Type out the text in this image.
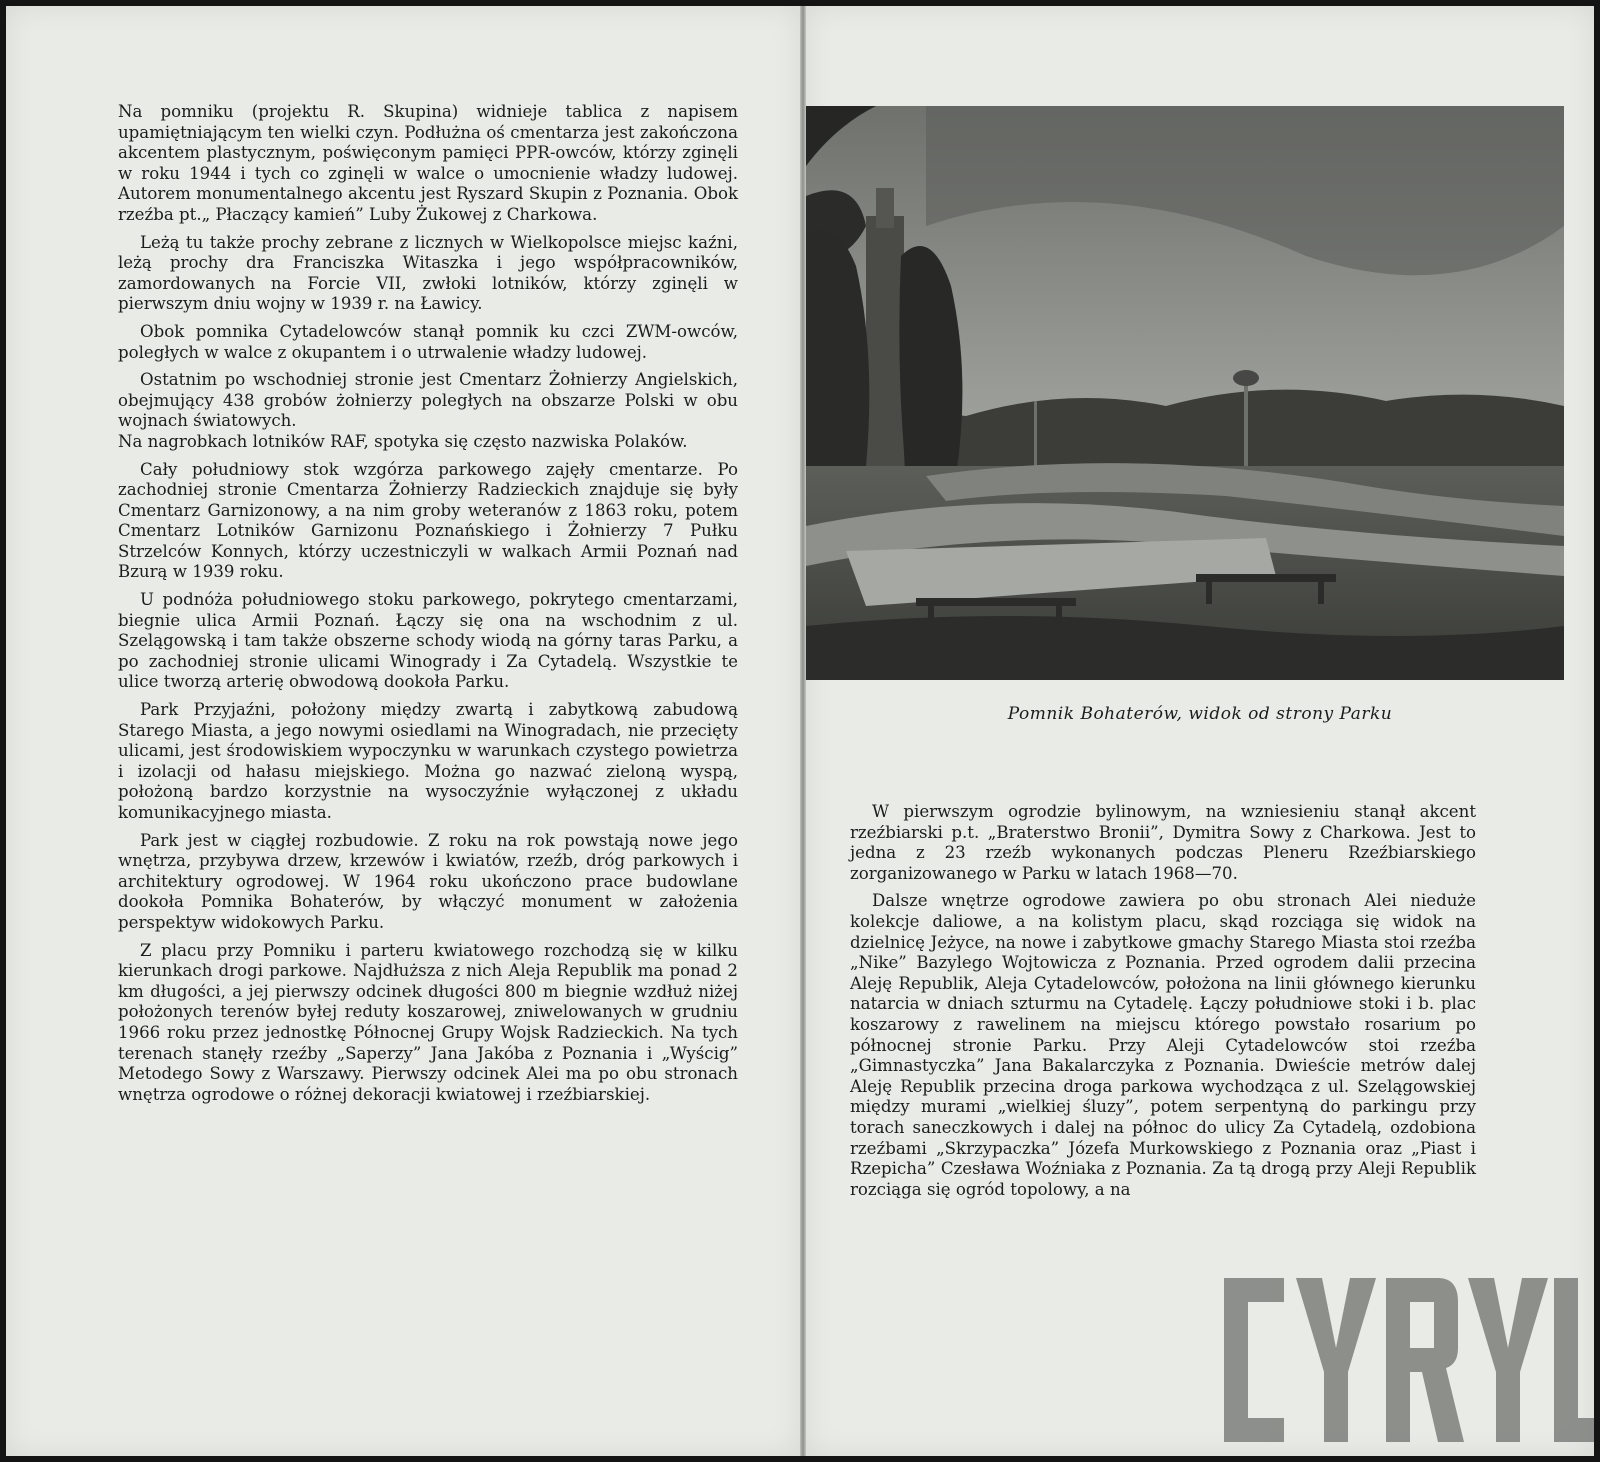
Na pomniku (projektu R. Skupina) widnieje tablica z napisem upamiętniającym ten wielki czyn. Podłużna oś cmentarza jest zakończona akcentem plastycznym, poświęconym pamięci PPR-owców, którzy zginęli w roku 1944 i tych co zginęli w walce o umocnienie władzy ludowej. Autorem monumentalnego akcentu jest Ryszard Skupin z Poznania. Obok rzeźba pt.„ Płaczący kamień” Luby Żukowej z Charkowa.

Leżą tu także prochy zebrane z licznych w Wielkopolsce miejsc kaźni, leżą prochy dra Franciszka Witaszka i jego współpracowników, zamordowanych na Forcie VII, zwłoki lotników, którzy zginęli w pierwszym dniu wojny w 1939 r. na Ławicy.

Obok pomnika Cytadelowców stanął pomnik ku czci ZWM-owców, poległych w walce z okupantem i o utrwalenie władzy ludowej.

Ostatnim po wschodniej stronie jest Cmentarz Żołnierzy Angielskich, obejmujący 438 grobów żołnierzy poległych na obszarze Polski w obu wojnach światowych.

Na nagrobkach lotników RAF, spotyka się często nazwiska Polaków.

Cały południowy stok wzgórza parkowego zajęły cmentarze. Po zachodniej stronie Cmentarza Żołnierzy Radzieckich znajduje się były Cmentarz Garnizonowy, a na nim groby weteranów z 1863 roku, potem Cmentarz Lotników Garnizonu Poznańskiego i Żołnierzy 7 Pułku Strzelców Konnych, którzy uczestniczyli w walkach Armii Poznań nad Bzurą w 1939 roku.

U podnóża południowego stoku parkowego, pokrytego cmentarzami, biegnie ulica Armii Poznań. Łączy się ona na wschodnim z ul. Szelągowską i tam także obszerne schody wiodą na górny taras Parku, a po zachodniej stronie ulicami Winogrady i Za Cytadelą. Wszystkie te ulice tworzą arterię obwodową dookoła Parku.

Park Przyjaźni, położony między zwartą i zabytkową zabudową Starego Miasta, a jego nowymi osiedlami na Winogradach, nie przecięty ulicami, jest środowiskiem wypoczynku w warunkach czystego powietrza i izolacji od hałasu miejskiego. Można go nazwać zieloną wyspą, położoną bardzo korzystnie na wysoczyźnie wyłączonej z układu komunikacyjnego miasta.

Park jest w ciągłej rozbudowie. Z roku na rok powstają nowe jego wnętrza, przybywa drzew, krzewów i kwiatów, rzeźb, dróg parkowych i architektury ogrodowej. W 1964 roku ukończono prace budowlane dookoła Pomnika Bohaterów, by włączyć monument w założenia perspektyw widokowych Parku.

Z placu przy Pomniku i parteru kwiatowego rozchodzą się w kilku kierunkach drogi parkowe. Najdłuższa z nich Aleja Republik ma ponad 2 km długości, a jej pierwszy odcinek długości 800 m biegnie wzdłuż niżej położonych terenów byłej reduty koszarowej, zniwelowanych w grudniu 1966 roku przez jednostkę Północnej Grupy Wojsk Radzieckich. Na tych terenach stanęły rzeźby „Saperzy” Jana Jakóba z Poznania i „Wyścig” Metodego Sowy z Warszawy. Pierwszy odcinek Alei ma po obu stronach wnętrza ogrodowe o różnej dekoracji kwiatowej i rzeźbiarskiej.

Pomnik Bohaterów, widok od strony Parku

W pierwszym ogrodzie bylinowym, na wzniesieniu stanął akcent rzeźbiarski p.t. „Braterstwo Bronii”, Dymitra Sowy z Charkowa. Jest to jedna z 23 rzeźb wykonanych podczas Pleneru Rzeźbiarskiego zorganizowanego w Parku w latach 1968—70.

Dalsze wnętrze ogrodowe zawiera po obu stronach Alei nieduże kolekcje daliowe, a na kolistym placu, skąd rozciąga się widok na dzielnicę Jeżyce, na nowe i zabytkowe gmachy Starego Miasta stoi rzeźba „Nike” Bazylego Wojtowicza z Poznania. Przed ogrodem dalii przecina Aleję Republik, Aleja Cytadelowców, położona na linii głównego kierunku natarcia w dniach szturmu na Cytadelę. Łączy południowe stoki i b. plac koszarowy z rawelinem na miejscu którego powstało rosarium po północnej stronie Parku. Przy Aleji Cytadelowców stoi rzeźba „Gimnastyczka” Jana Bakalarczyka z Poznania. Dwieście metrów dalej Aleję Republik przecina droga parkowa wychodząca z ul. Szelągowskiej między murami „wielkiej śluzy”, potem serpentyną do parkingu przy torach saneczkowych i dalej na północ do ulicy Za Cytadelą, ozdobiona rzeźbami „Skrzypaczka” Józefa Murkowskiego z Poznania oraz „Piast i Rzepicha” Czesława Woźniaka z Poznania. Za tą drogą przy Aleji Republik rozciąga się ogród topolowy, a na
